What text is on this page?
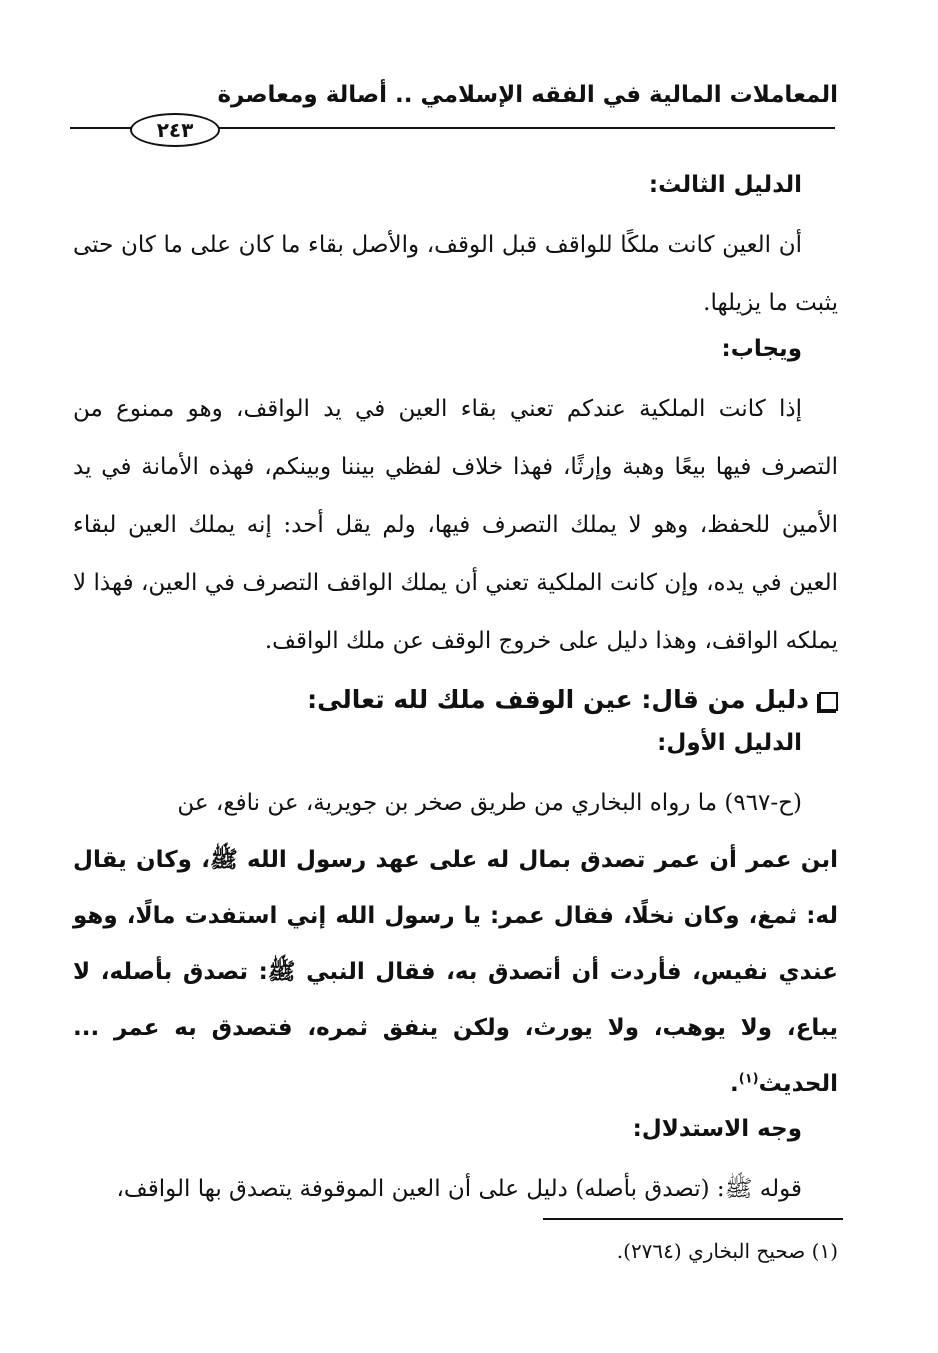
المعاملات المالية في الفقه الإسلامي .. أصالة ومعاصرة
٢٤٣

الدليل الثالث:

أن العين كانت ملكًا للواقف قبل الوقف، والأصل بقاء ما كان على ما كان حتى يثبت ما يزيلها.

ويجاب:

إذا كانت الملكية عندكم تعني بقاء العين في يد الواقف، وهو ممنوع من التصرف فيها بيعًا وهبة وإرثًا، فهذا خلاف لفظي بيننا وبينكم، فهذه الأمانة في يد الأمين للحفظ، وهو لا يملك التصرف فيها، ولم يقل أحد: إنه يملك العين لبقاء العين في يده، وإن كانت الملكية تعني أن يملك الواقف التصرف في العين، فهذا لا يملكه الواقف، وهذا دليل على خروج الوقف عن ملك الواقف.

دليل من قال: عين الوقف ملك لله تعالى:

الدليل الأول:

(ح-٩٦٧) ما رواه البخاري من طريق صخر بن جويرية، عن نافع، عن

ابن عمر أن عمر تصدق بمال له على عهد رسول الله ﷺ، وكان يقال له: ثمغ، وكان نخلًا، فقال عمر: يا رسول الله إني استفدت مالًا، وهو عندي نفيس، فأردت أن أتصدق به، فقال النبي ﷺ: تصدق بأصله، لا يباع، ولا يوهب، ولا يورث، ولكن ينفق ثمره، فتصدق به عمر ... الحديث$^{(١)}$.

وجه الاستدلال:

قوله ﷺ: (تصدق بأصله) دليل على أن العين الموقوفة يتصدق بها الواقف،

(١) صحيح البخاري (٢٧٦٤).
